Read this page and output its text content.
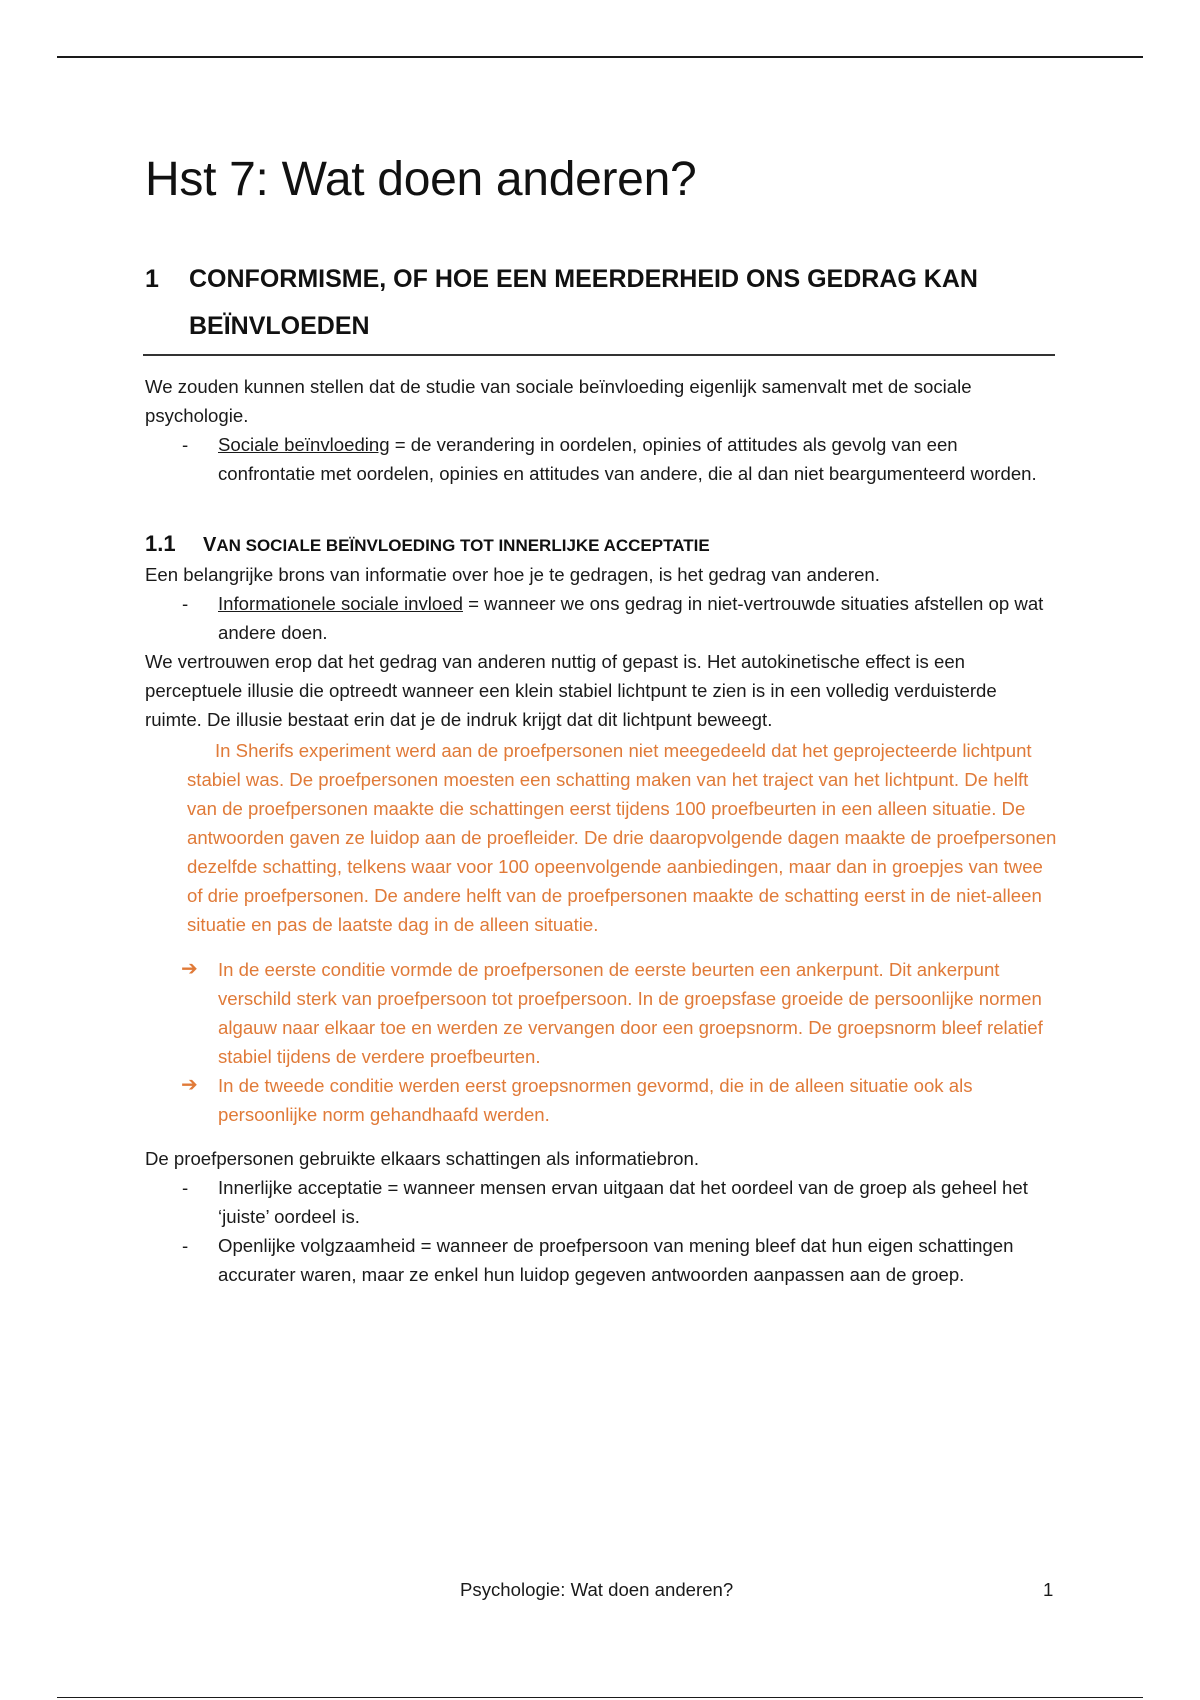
Hst 7: Wat doen anderen?
1	CONFORMISME, OF HOE EEN MEERDERHEID ONS GEDRAG KAN BEÏNVLOEDEN

We zouden kunnen stellen dat de studie van sociale beïnvloeding eigenlijk samenvalt met de sociale psychologie.

- Sociale beïnvloeding = de verandering in oordelen, opinies of attitudes als gevolg van een confrontatie met oordelen, opinies en attitudes van andere, die al dan niet beargumenteerd worden.
1.1	VAN SOCIALE BEÏNVLOEDING TOT INNERLIJKE ACCEPTATIE

Een belangrijke brons van informatie over hoe je te gedragen, is het gedrag van anderen.

- Informationele sociale invloed = wanneer we ons gedrag in niet-vertrouwde situaties afstellen op wat andere doen.

We vertrouwen erop dat het gedrag van anderen nuttig of gepast is. Het autokinetische effect is een perceptuele illusie die optreedt wanneer een klein stabiel lichtpunt te zien is in een volledig verduisterde ruimte. De illusie bestaat erin dat je de indruk krijgt dat dit lichtpunt beweegt.

In Sherifs experiment werd aan de proefpersonen niet meegedeeld dat het geprojecteerde lichtpunt stabiel was. De proefpersonen moesten een schatting maken van het traject van het lichtpunt. De helft van de proefpersonen maakte die schattingen eerst tijdens 100 proefbeurten in een alleen situatie. De antwoorden gaven ze luidop aan de proefleider. De drie daaropvolgende dagen maakte de proefpersonen dezelfde schatting, telkens waar voor 100 opeenvolgende aanbiedingen, maar dan in groepjes van twee of drie proefpersonen. De andere helft van de proefpersonen maakte de schatting eerst in de niet-alleen situatie en pas de laatste dag in de alleen situatie.

➔ In de eerste conditie vormde de proefpersonen de eerste beurten een ankerpunt. Dit ankerpunt verschild sterk van proefpersoon tot proefpersoon. In de groepsfase groeide de persoonlijke normen algauw naar elkaar toe en werden ze vervangen door een groepsnorm. De groepsnorm bleef relatief stabiel tijdens de verdere proefbeurten.
➔ In de tweede conditie werden eerst groepsnormen gevormd, die in de alleen situatie ook als persoonlijke norm gehandhaafd werden.

De proefpersonen gebruikte elkaars schattingen als informatiebron.

- Innerlijke acceptatie = wanneer mensen ervan uitgaan dat het oordeel van de groep als geheel het ‘juiste’ oordeel is.
- Openlijke volgzaamheid = wanneer de proefpersoon van mening bleef dat hun eigen schattingen accurater waren, maar ze enkel hun luidop gegeven antwoorden aanpassen aan de groep.
Psychologie: Wat doen anderen?	1
